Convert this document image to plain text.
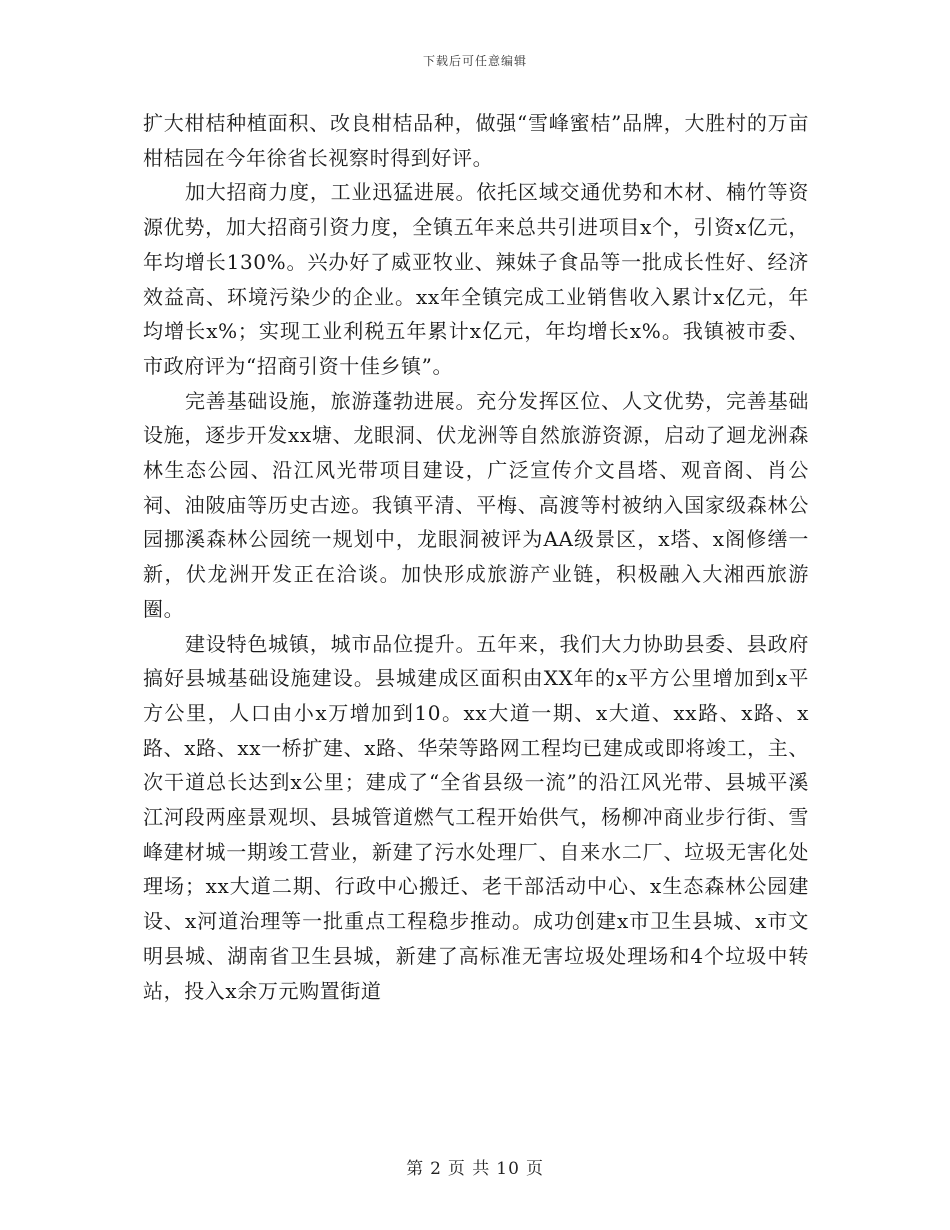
下载后可任意编辑

扩大柑桔种植面积、改良柑桔品种，做强“雪峰蜜桔”品牌，大胜村的万亩柑桔园在今年徐省长视察时得到好评。

加大招商力度，工业迅猛进展。依托区域交通优势和木材、楠竹等资源优势，加大招商引资力度，全镇五年来总共引进项目x个，引资x亿元，年均增长130%。兴办好了威亚牧业、辣妹子食品等一批成长性好、经济效益高、环境污染少的企业。xx年全镇完成工业销售收入累计x亿元，年均增长x%；实现工业利税五年累计x亿元，年均增长x%。我镇被市委、市政府评为“招商引资十佳乡镇”。

完善基础设施，旅游蓬勃进展。充分发挥区位、人文优势，完善基础设施，逐步开发xx塘、龙眼洞、伏龙洲等自然旅游资源，启动了迴龙洲森林生态公园、沿江风光带项目建设，广泛宣传介文昌塔、观音阁、肖公祠、油陂庙等历史古迹。我镇平清、平梅、高渡等村被纳入国家级森林公园挪溪森林公园统一规划中，龙眼洞被评为AA级景区，x塔、x阁修缮一新，伏龙洲开发正在洽谈。加快形成旅游产业链，积极融入大湘西旅游圈。

建设特色城镇，城市品位提升。五年来，我们大力协助县委、县政府搞好县城基础设施建设。县城建成区面积由XX年的x平方公里增加到x平方公里，人口由小x万增加到10。xx大道一期、x大道、xx路、x路、x路、x路、xx一桥扩建、x路、华荣等路网工程均已建成或即将竣工，主、次干道总长达到x公里；建成了“全省县级一流”的沿江风光带、县城平溪江河段两座景观坝、县城管道燃气工程开始供气，杨柳冲商业步行街、雪峰建材城一期竣工营业，新建了污水处理厂、自来水二厂、垃圾无害化处理场；xx大道二期、行政中心搬迁、老干部活动中心、x生态森林公园建设、x河道治理等一批重点工程稳步推动。成功创建x市卫生县城、x市文明县城、湖南省卫生县城，新建了高标准无害垃圾处理场和4个垃圾中转站，投入x余万元购置街道

第 2 页 共 10 页
